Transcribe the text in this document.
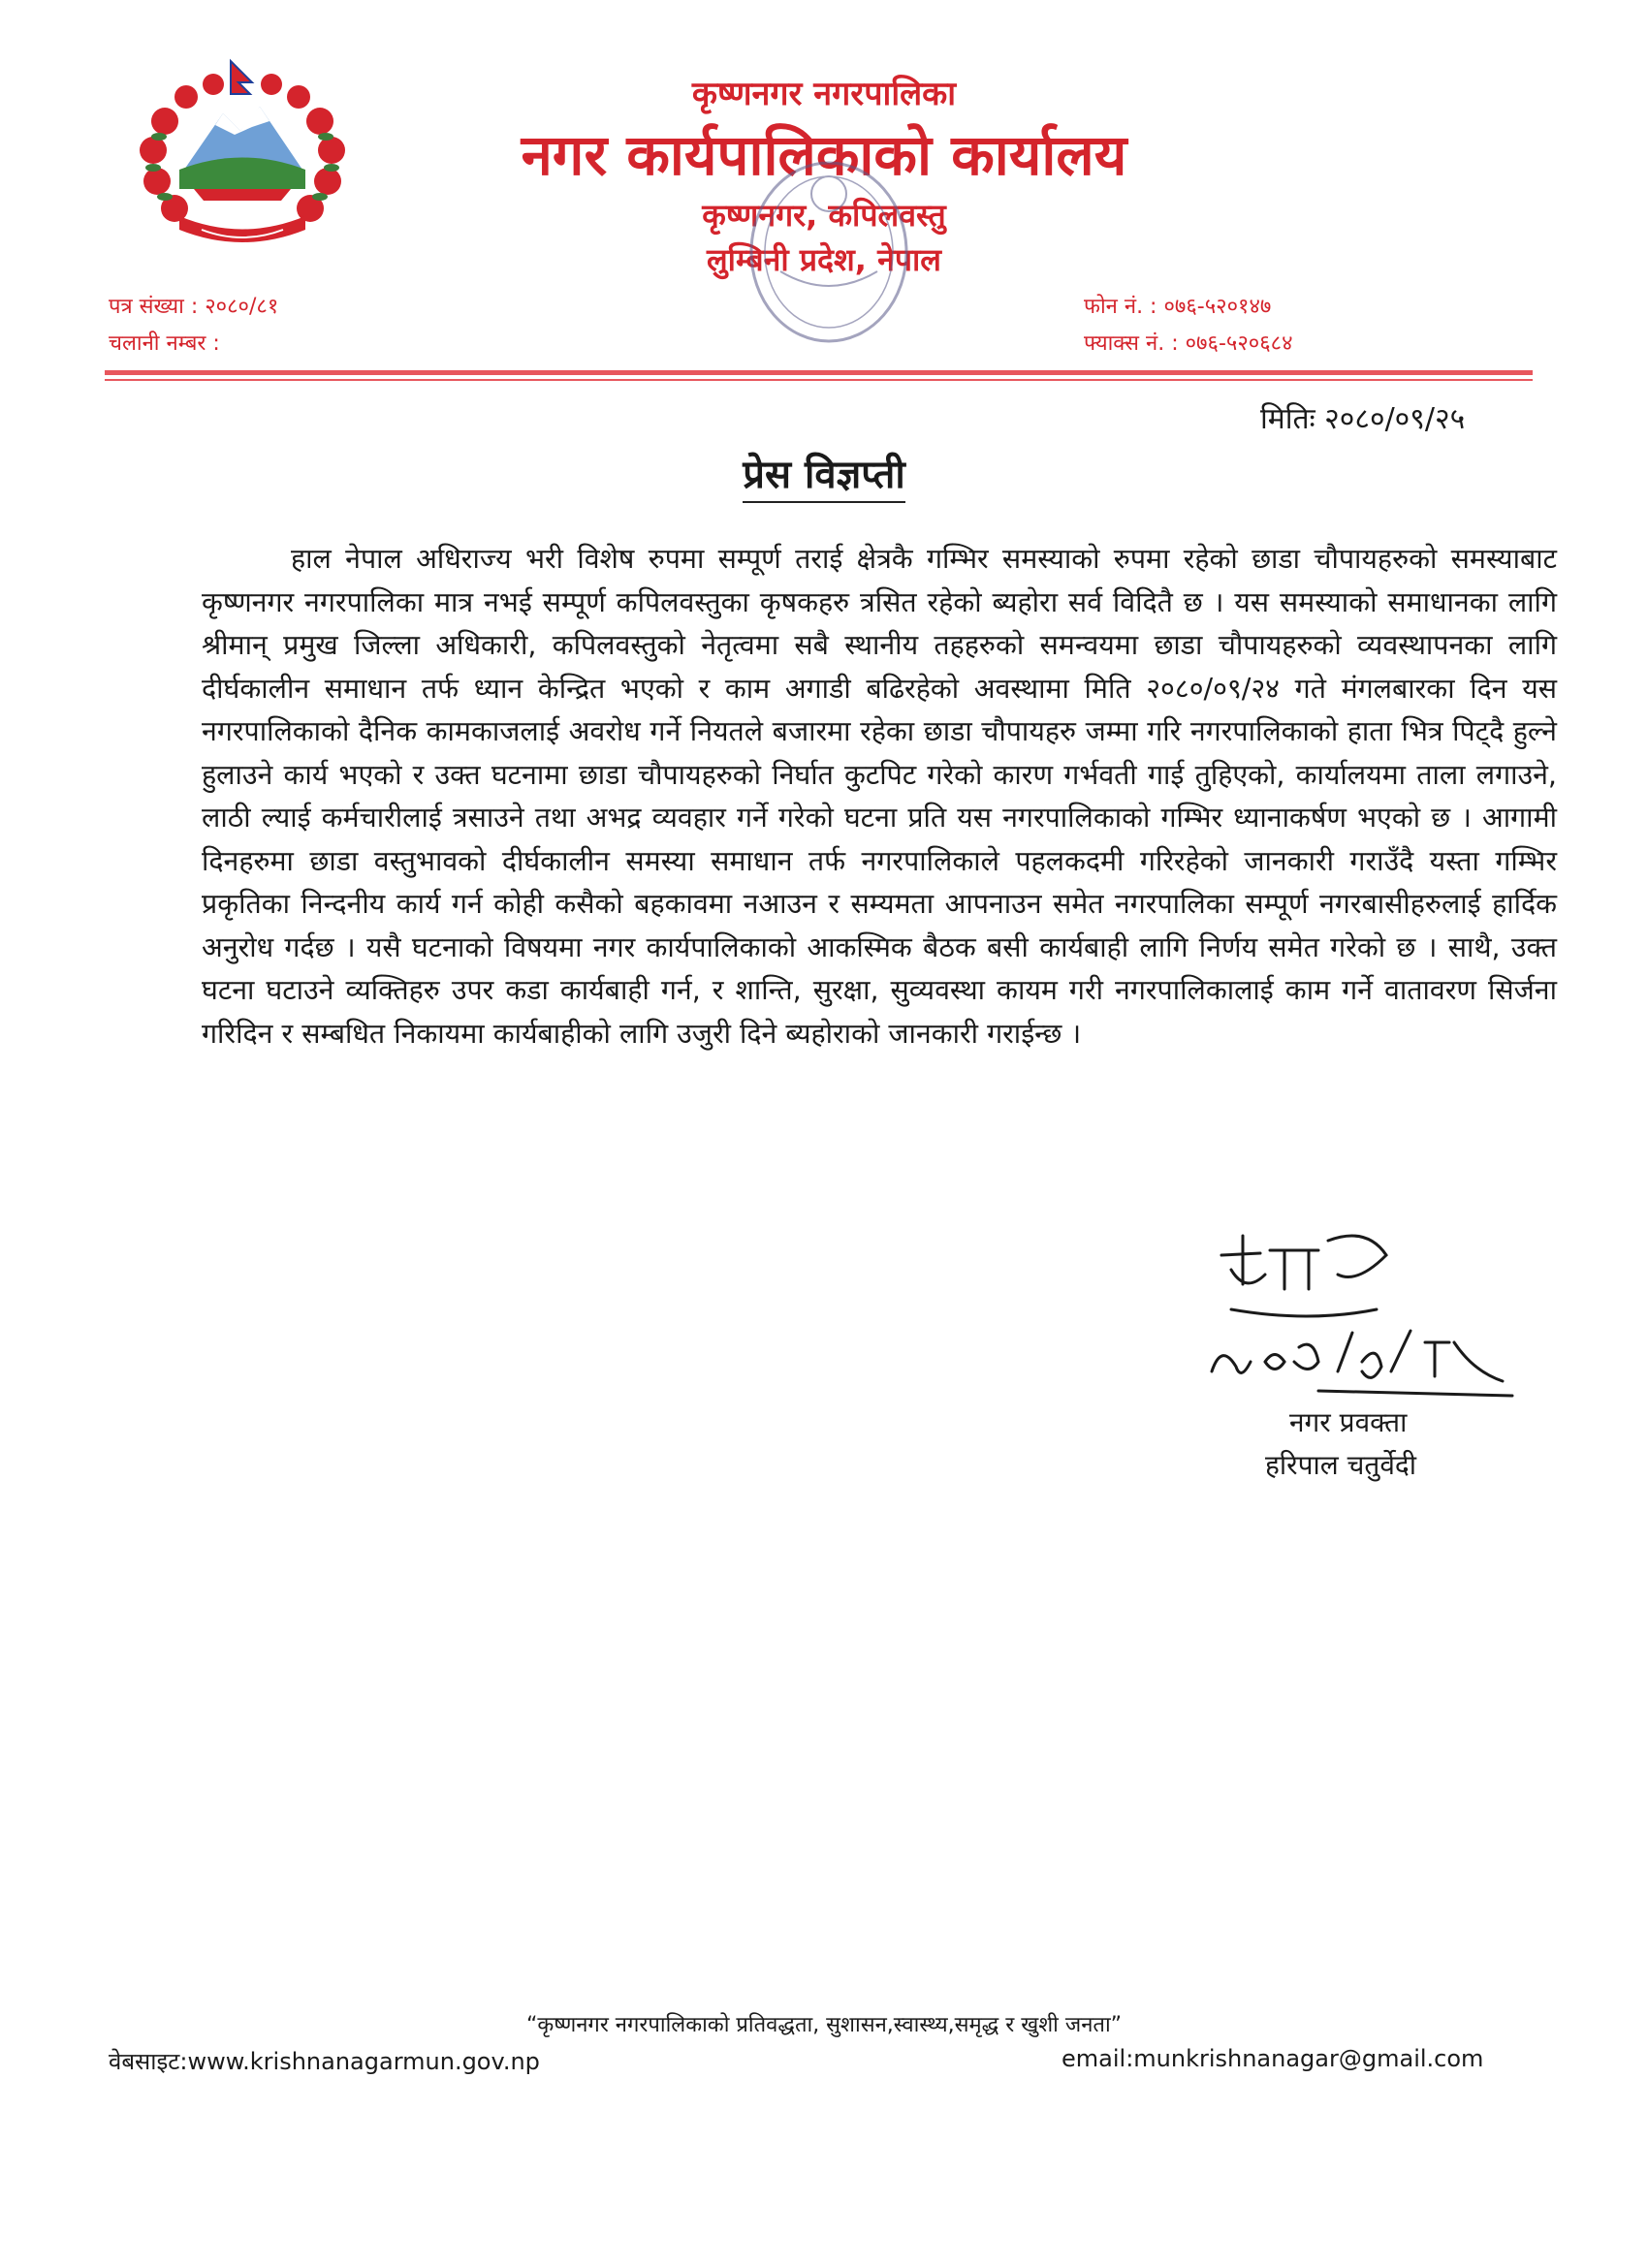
कृष्णनगर नगरपालिका
नगर कार्यपालिकाको कार्यालय
कृष्णनगर, कपिलवस्तु
लुम्बिनी प्रदेश, नेपाल
पत्र संख्या : २०८०/८१
चलानी नम्बर :
फोन नं. : ०७६-५२०१४७
फ्याक्स नं. : ०७६-५२०६८४
मितिः २०८०/०९/२५
प्रेस विज्ञप्ती
हाल नेपाल अधिराज्य भरी विशेष रुपमा सम्पूर्ण तराई क्षेत्रकै गम्भिर समस्याको रुपमा रहेको छाडा चौपायहरुको समस्याबाट कृष्णनगर नगरपालिका मात्र नभई सम्पूर्ण कपिलवस्तुका कृषकहरु त्रसित रहेको ब्यहोरा सर्व विदितै छ । यस समस्याको समाधानका लागि श्रीमान् प्रमुख जिल्ला अधिकारी, कपिलवस्तुको नेतृत्वमा सबै स्थानीय तहहरुको समन्वयमा छाडा चौपायहरुको व्यवस्थापनका लागि दीर्घकालीन समाधान तर्फ ध्यान केन्द्रित भएको र काम अगाडी बढिरहेको अवस्थामा मिति २०८०/०९/२४ गते मंगलबारका दिन यस नगरपालिकाको दैनिक कामकाजलाई अवरोध गर्ने नियतले बजारमा रहेका छाडा चौपायहरु जम्मा गरि नगरपालिकाको हाता भित्र पिट्दै हुल्ने हुलाउने कार्य भएको र उक्त घटनामा छाडा चौपायहरुको निर्घात कुटपिट गरेको कारण गर्भवती गाई तुहिएको, कार्यालयमा ताला लगाउने, लाठी ल्याई कर्मचारीलाई त्रसाउने तथा अभद्र व्यवहार गर्ने गरेको घटना प्रति यस नगरपालिकाको गम्भिर ध्यानाकर्षण भएको छ । आगामी दिनहरुमा छाडा वस्तुभावको दीर्घकालीन समस्या समाधान तर्फ नगरपालिकाले पहलकदमी गरिरहेको जानकारी गराउँदै यस्ता गम्भिर प्रकृतिका निन्दनीय कार्य गर्न कोही कसैको बहकावमा नआउन र सम्यमता आपनाउन समेत नगरपालिका सम्पूर्ण नगरबासीहरुलाई हार्दिक अनुरोध गर्दछ । यसै घटनाको विषयमा नगर कार्यपालिकाको आकस्मिक बैठक बसी कार्यबाही लागि निर्णय समेत गरेको छ । साथै, उक्त घटना घटाउने व्यक्तिहरु उपर कडा कार्यबाही गर्न, र शान्ति, सुरक्षा, सुव्यवस्था कायम गरी नगरपालिकालाई काम गर्ने वातावरण सिर्जना गरिदिन र सम्बधित निकायमा कार्यबाहीको लागि उजुरी दिने ब्यहोराको जानकारी गराईन्छ ।
नगर प्रवक्ता
हरिपाल चतुर्वेदी
“कृष्णनगर नगरपालिकाको प्रतिवद्धता, सुशासन,स्वास्थ्य,समृद्ध र खुशी जनता”
वेबसाइट:www.krishnanagarmun.gov.np	email:munkrishnanagar@gmail.com
